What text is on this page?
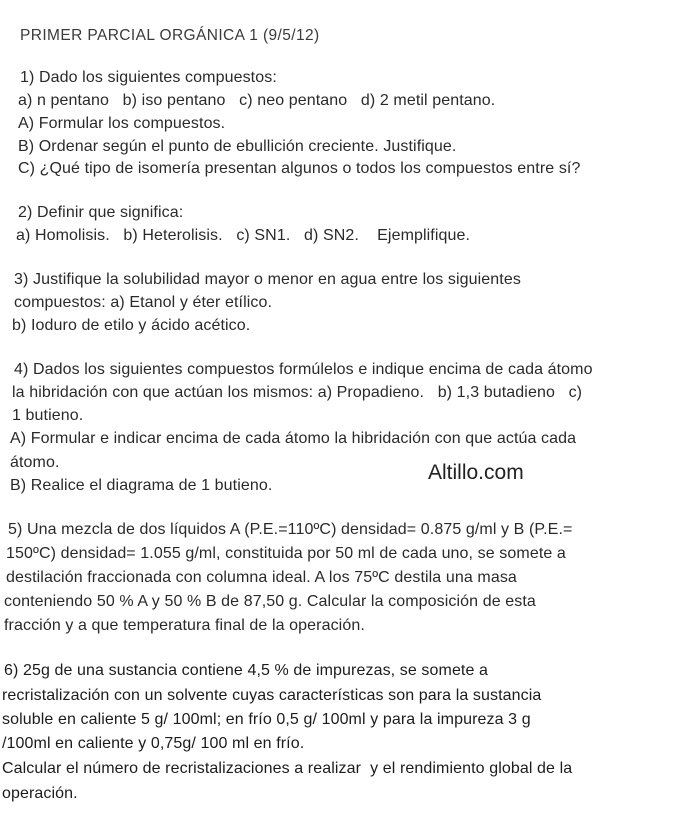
PRIMER PARCIAL ORGÁNICA 1 (9/5/12)
1) Dado los siguientes compuestos:
a) n pentano   b) iso pentano   c) neo pentano   d) 2 metil pentano.
A) Formular los compuestos.
B) Ordenar según el punto de ebullición creciente. Justifique.
C) ¿Qué tipo de isomería presentan algunos o todos los compuestos entre sí?
2) Definir que significa:
a) Homolisis.   b) Heterolisis.   c) SN1.   d) SN2.    Ejemplifique.
3) Justifique la solubilidad mayor o menor en agua entre los siguientes
compuestos: a) Etanol y éter etílico.
b) Ioduro de etilo y ácido acético.
4) Dados los siguientes compuestos formúlelos e indique encima de cada átomo
la hibridación con que actúan los mismos: a) Propadieno.   b) 1,3 butadieno   c)
1 butieno.
A) Formular e indicar encima de cada átomo la hibridación con que actúa cada
átomo.
B) Realice el diagrama de 1 butieno.
Altillo.com
5) Una mezcla de dos líquidos A (P.E.=110ºC) densidad= 0.875 g/ml y B (P.E.=
150ºC) densidad= 1.055 g/ml, constituida por 50 ml de cada uno, se somete a
destilación fraccionada con columna ideal. A los 75ºC destila una masa
conteniendo 50 % A y 50 % B de 87,50 g. Calcular la composición de esta
fracción y a que temperatura final de la operación.
6) 25g de una sustancia contiene 4,5 % de impurezas, se somete a
recristalización con un solvente cuyas características son para la sustancia
soluble en caliente 5 g/ 100ml; en frío 0,5 g/ 100ml y para la impureza 3 g
/100ml en caliente y 0,75g/ 100 ml en frío.
Calcular el número de recristalizaciones a realizar  y el rendimiento global de la
operación.
